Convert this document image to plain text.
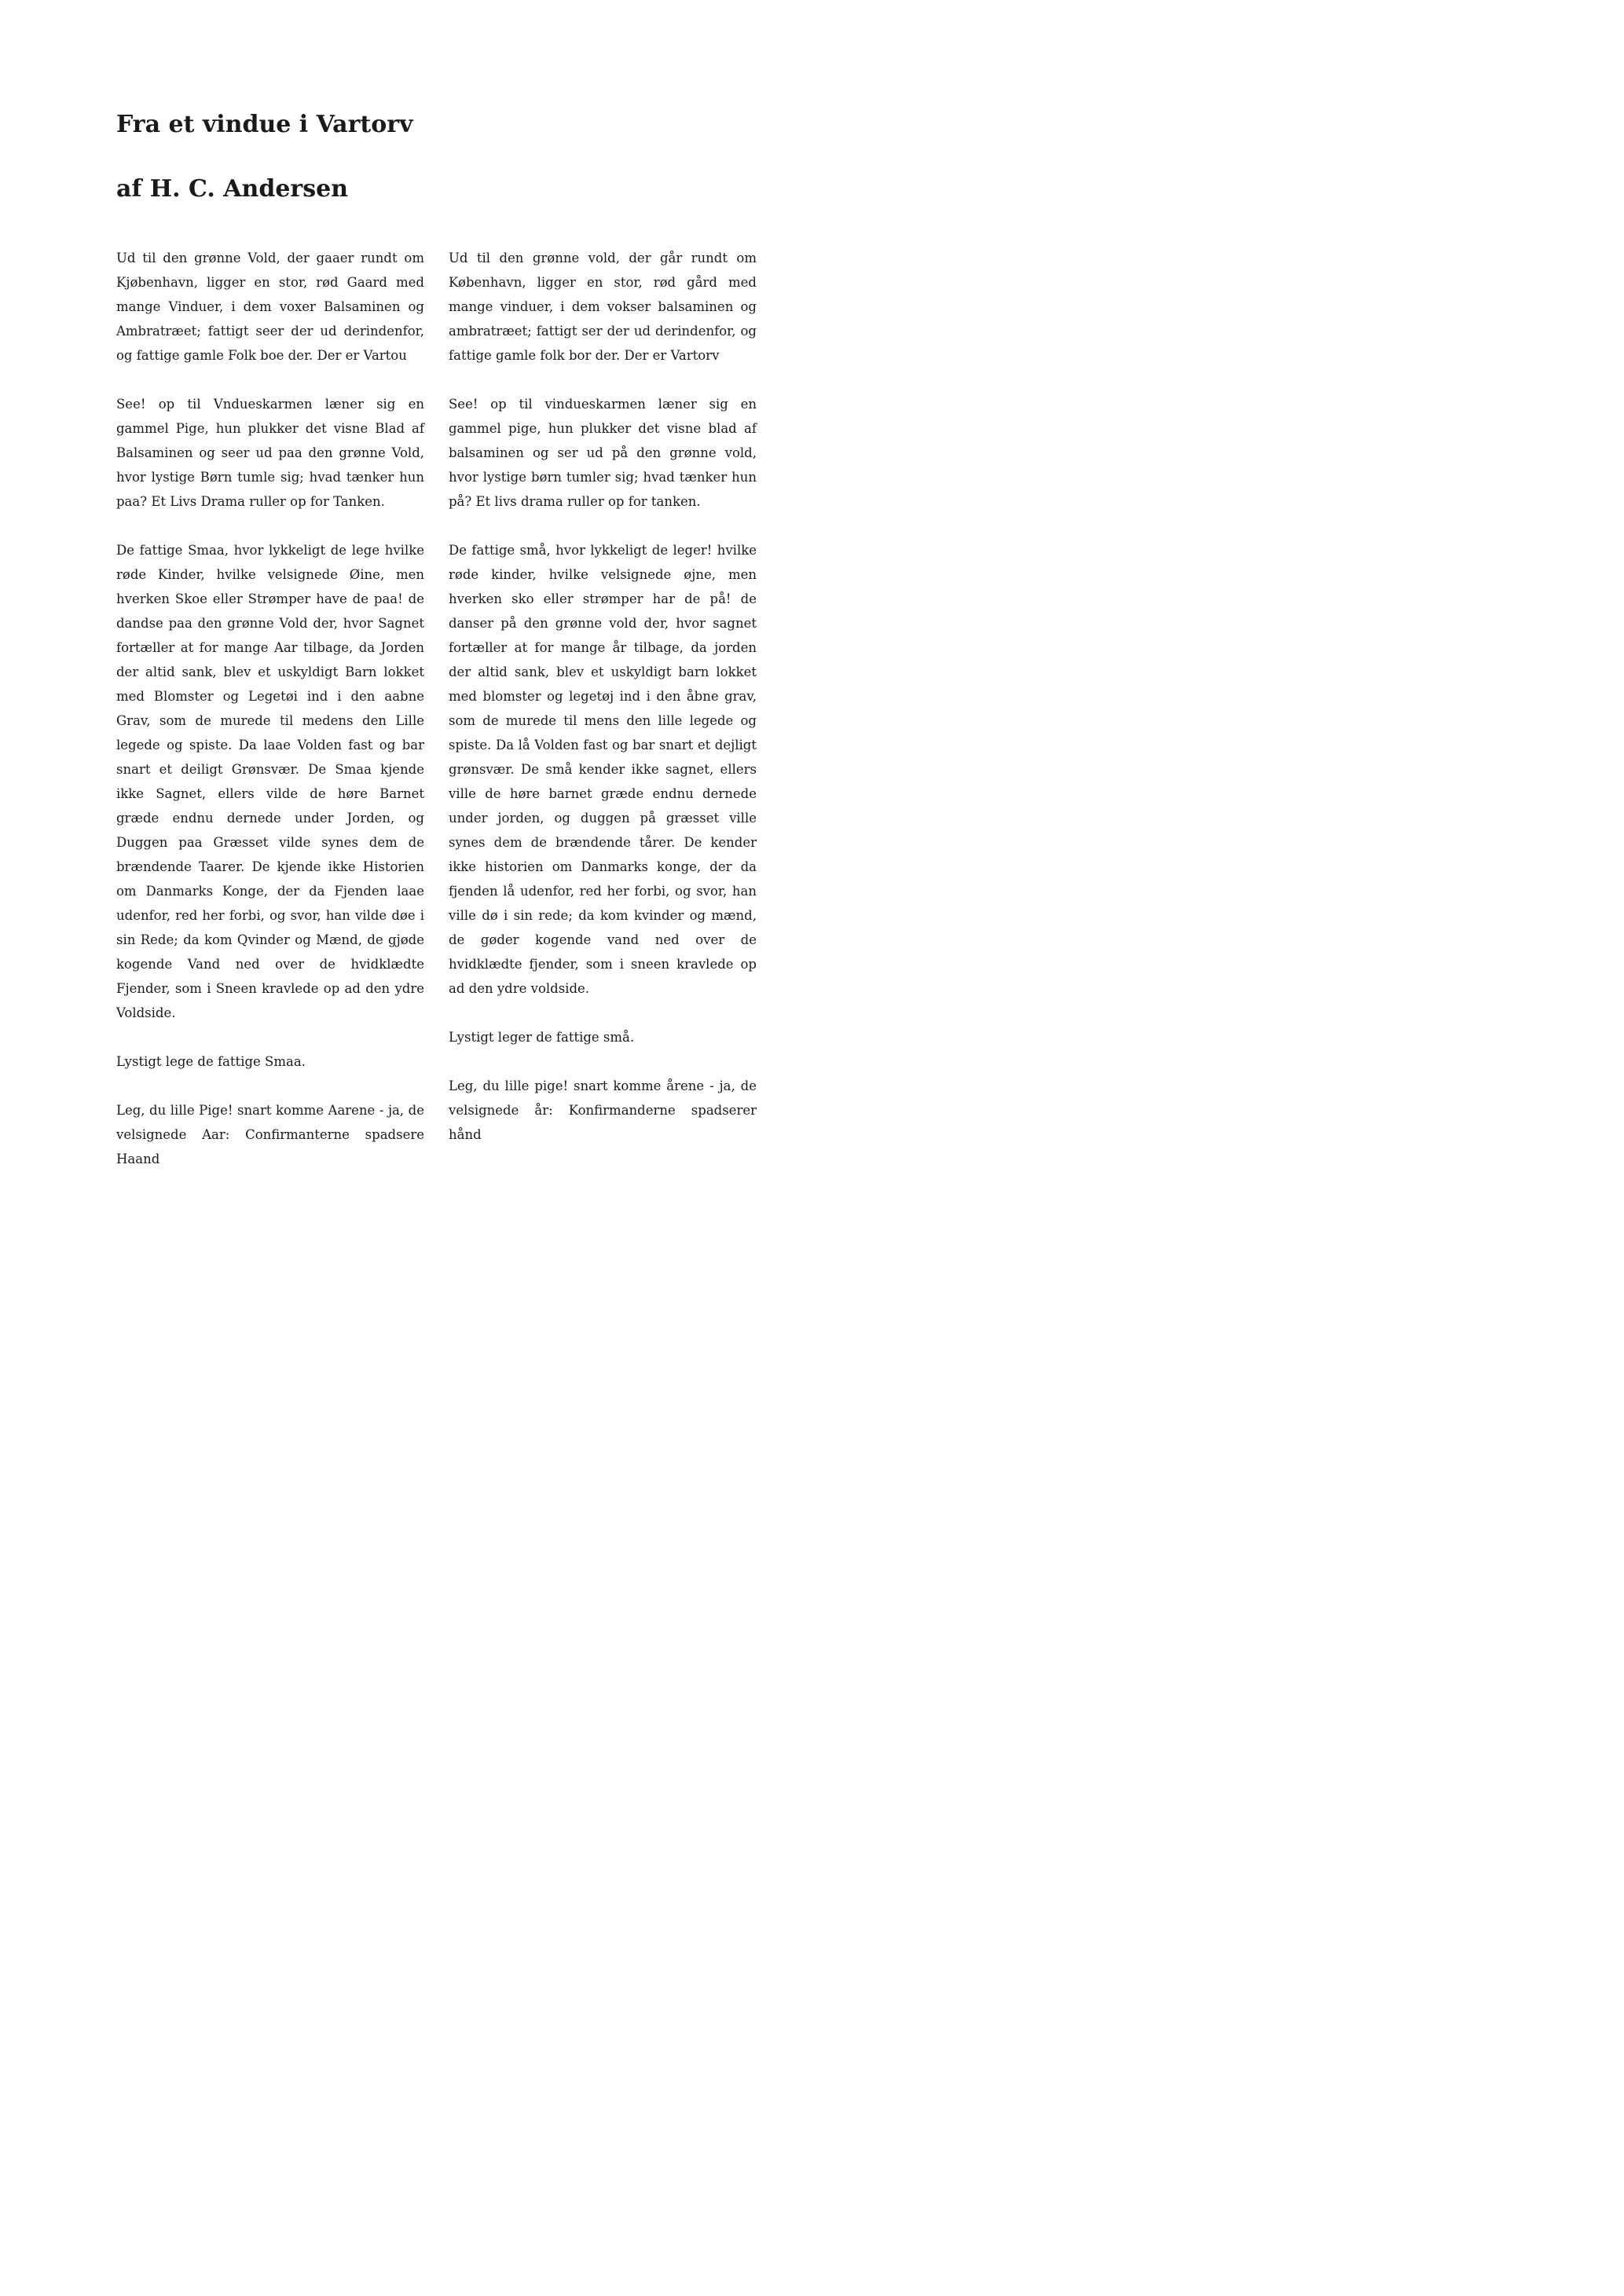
Fra et vindue i Vartorv
af H. C. Andersen

Ud til den grønne Vold, der gaaer rundt om Kjøbenhavn, ligger en stor, rød Gaard med mange Vinduer, i dem voxer Balsaminen og Ambratræet; fattigt seer der ud derindenfor, og fattige gamle Folk boe der. Der er Vartou

See! op til Vndueskarmen læner sig en gammel Pige, hun plukker det visne Blad af Balsaminen og seer ud paa den grønne Vold, hvor lystige Børn tumle sig; hvad tænker hun paa? Et Livs Drama ruller op for Tanken.

De fattige Smaa, hvor lykkeligt de lege hvilke røde Kinder, hvilke velsignede Øine, men hverken Skoe eller Strømper have de paa! de dandse paa den grønne Vold der, hvor Sagnet fortæller at for mange Aar tilbage, da Jorden der altid sank, blev et uskyldigt Barn lokket med Blomster og Legetøi ind i den aabne Grav, som de murede til medens den Lille legede og spiste. Da laae Volden fast og bar snart et deiligt Grønsvær. De Smaa kjende ikke Sagnet, ellers vilde de høre Barnet græde endnu dernede under Jorden, og Duggen paa Græsset vilde synes dem de brændende Taarer. De kjende ikke Historien om Danmarks Konge, der da Fjenden laae udenfor, red her forbi, og svor, han vilde døe i sin Rede; da kom Qvinder og Mænd, de gjøde kogende Vand ned over de hvidklædte Fjender, som i Sneen kravlede op ad den ydre Voldside.

Lystigt lege de fattige Smaa.

Leg, du lille Pige! snart komme Aarene - ja, de velsignede Aar: Confirmanterne spadsere Haand

Ud til den grønne vold, der går rundt om København, ligger en stor, rød gård med mange vinduer, i dem vokser balsaminen og ambratræet; fattigt ser der ud derindenfor, og fattige gamle folk bor der. Der er Vartorv

See! op til vindueskarmen læner sig en gammel pige, hun plukker det visne blad af balsaminen og ser ud på den grønne vold, hvor lystige børn tumler sig; hvad tænker hun på? Et livs drama ruller op for tanken.

De fattige små, hvor lykkeligt de leger! hvilke røde kinder, hvilke velsignede øjne, men hverken sko eller strømper har de på! de danser på den grønne vold der, hvor sagnet fortæller at for mange år tilbage, da jorden der altid sank, blev et uskyldigt barn lokket med blomster og legetøj ind i den åbne grav, som de murede til mens den lille legede og spiste. Da lå Volden fast og bar snart et dejligt grønsvær. De små kender ikke sagnet, ellers ville de høre barnet græde endnu dernede under jorden, og duggen på græsset ville synes dem de brændende tårer. De kender ikke historien om Danmarks konge, der da fjenden lå udenfor, red her forbi, og svor, han ville dø i sin rede; da kom kvinder og mænd, de gøder kogende vand ned over de hvidklædte fjender, som i sneen kravlede op ad den ydre voldside.

Lystigt leger de fattige små.

Leg, du lille pige! snart komme årene - ja, de velsignede år: Konfirmanderne spadserer hånd
